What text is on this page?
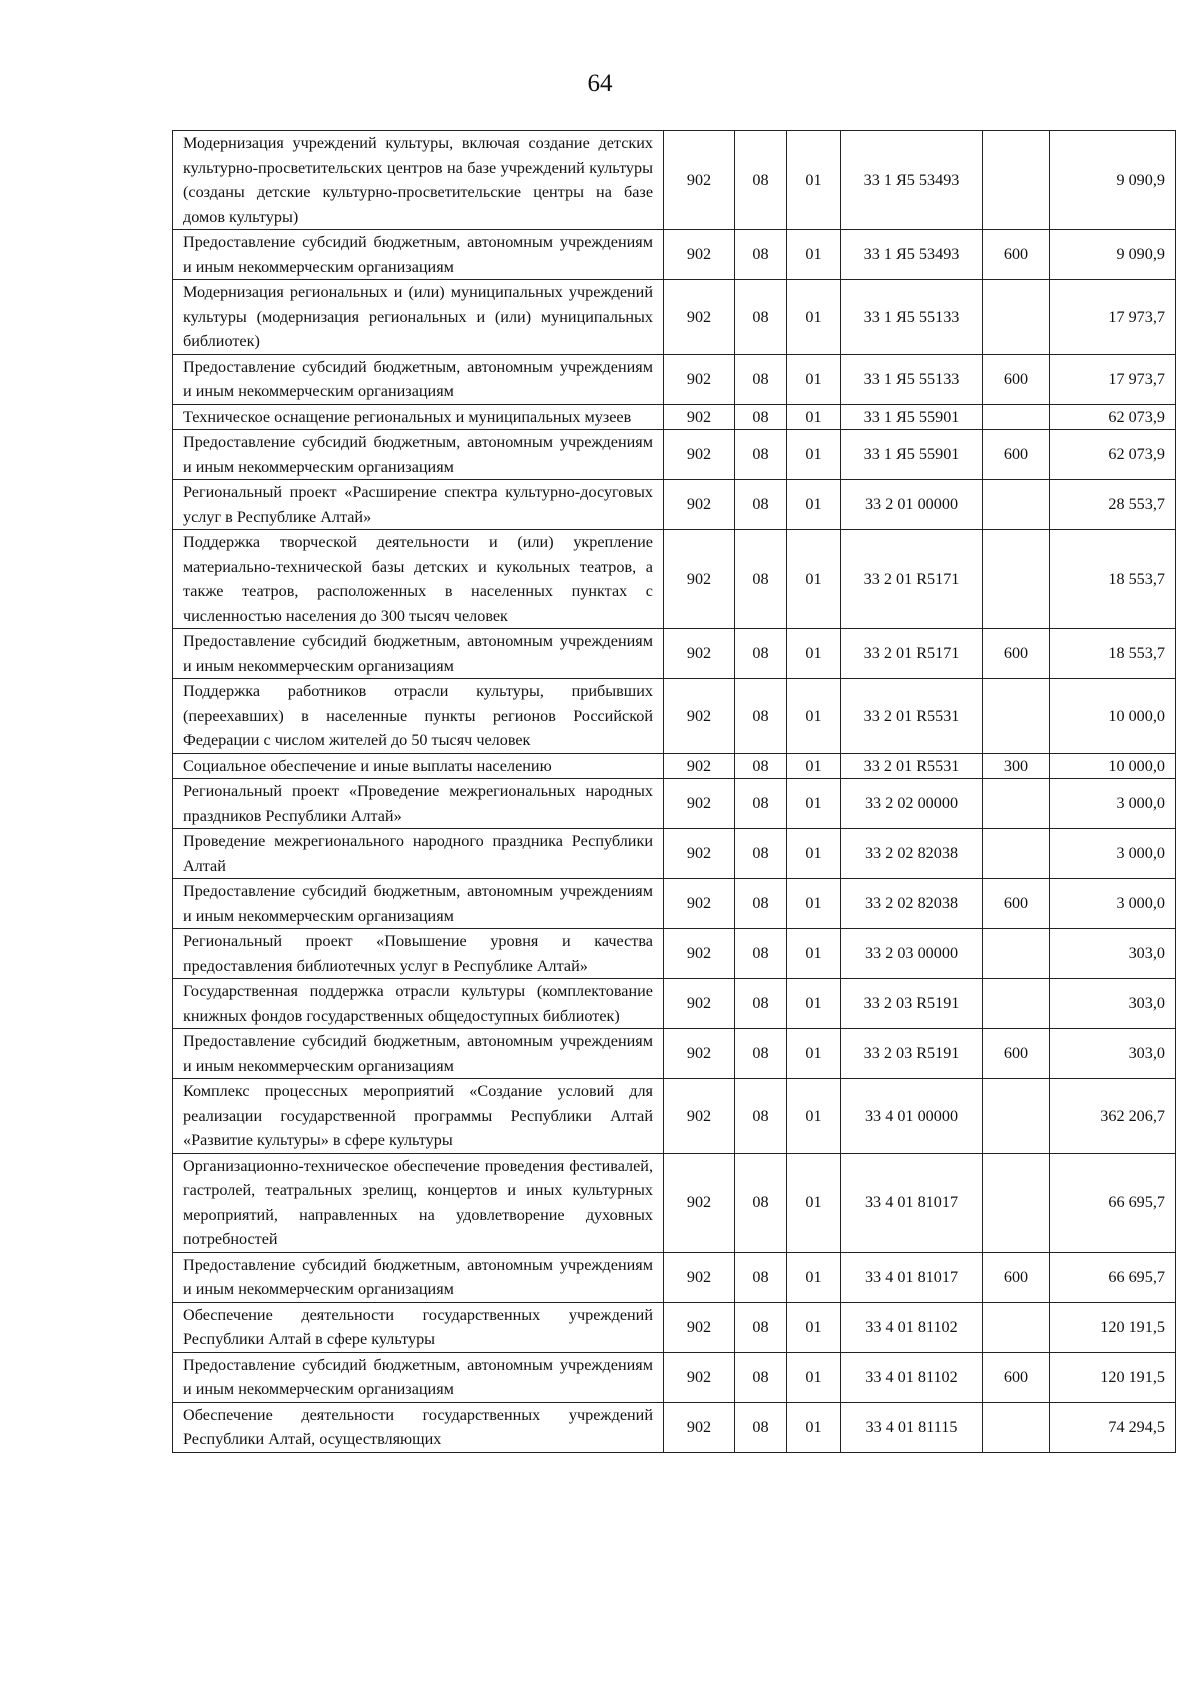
64
Модернизация учреждений культуры, включая создание детских культурно-просветительских центров на базе учреждений культуры (созданы детские культурно-просветительские центры на базе домов культуры)	902	08	01	33 1 Я5 53493		9 090,9
Предоставление субсидий бюджетным, автономным учреждениям и иным некоммерческим организациям	902	08	01	33 1 Я5 53493	600	9 090,9
Модернизация региональных и (или) муниципальных учреждений культуры (модернизация региональных и (или) муниципальных библиотек)	902	08	01	33 1 Я5 55133		17 973,7
Предоставление субсидий бюджетным, автономным учреждениям и иным некоммерческим организациям	902	08	01	33 1 Я5 55133	600	17 973,7
Техническое оснащение региональных и муниципальных музеев	902	08	01	33 1 Я5 55901		62 073,9
Предоставление субсидий бюджетным, автономным учреждениям и иным некоммерческим организациям	902	08	01	33 1 Я5 55901	600	62 073,9
Региональный проект «Расширение спектра культурно-досуговых услуг в Республике Алтай»	902	08	01	33 2 01 00000		28 553,7
Поддержка творческой деятельности и (или) укрепление материально-технической базы детских и кукольных театров, а также театров, расположенных в населенных пунктах с численностью населения до 300 тысяч человек	902	08	01	33 2 01 R5171		18 553,7
Предоставление субсидий бюджетным, автономным учреждениям и иным некоммерческим организациям	902	08	01	33 2 01 R5171	600	18 553,7
Поддержка работников отрасли культуры, прибывших (переехавших) в населенные пункты регионов Российской Федерации с числом жителей до 50 тысяч человек	902	08	01	33 2 01 R5531		10 000,0
Социальное обеспечение и иные выплаты населению	902	08	01	33 2 01 R5531	300	10 000,0
Региональный проект «Проведение межрегиональных народных праздников Республики Алтай»	902	08	01	33 2 02 00000		3 000,0
Проведение межрегионального народного праздника Республики Алтай	902	08	01	33 2 02 82038		3 000,0
Предоставление субсидий бюджетным, автономным учреждениям и иным некоммерческим организациям	902	08	01	33 2 02 82038	600	3 000,0
Региональный проект «Повышение уровня и качества предоставления библиотечных услуг в Республике Алтай»	902	08	01	33 2 03 00000		303,0
Государственная поддержка отрасли культуры (комплектование книжных фондов государственных общедоступных библиотек)	902	08	01	33 2 03 R5191		303,0
Предоставление субсидий бюджетным, автономным учреждениям и иным некоммерческим организациям	902	08	01	33 2 03 R5191	600	303,0
Комплекс процессных мероприятий «Создание условий для реализации государственной программы Республики Алтай «Развитие культуры» в сфере культуры	902	08	01	33 4 01 00000		362 206,7
Организационно-техническое обеспечение проведения фестивалей, гастролей, театральных зрелищ, концертов и иных культурных мероприятий, направленных на удовлетворение духовных потребностей	902	08	01	33 4 01 81017		66 695,7
Предоставление субсидий бюджетным, автономным учреждениям и иным некоммерческим организациям	902	08	01	33 4 01 81017	600	66 695,7
Обеспечение деятельности государственных учреждений Республики Алтай в сфере культуры	902	08	01	33 4 01 81102		120 191,5
Предоставление субсидий бюджетным, автономным учреждениям и иным некоммерческим организациям	902	08	01	33 4 01 81102	600	120 191,5
Обеспечение деятельности государственных учреждений Республики Алтай, осуществляющих	902	08	01	33 4 01 81115		74 294,5
